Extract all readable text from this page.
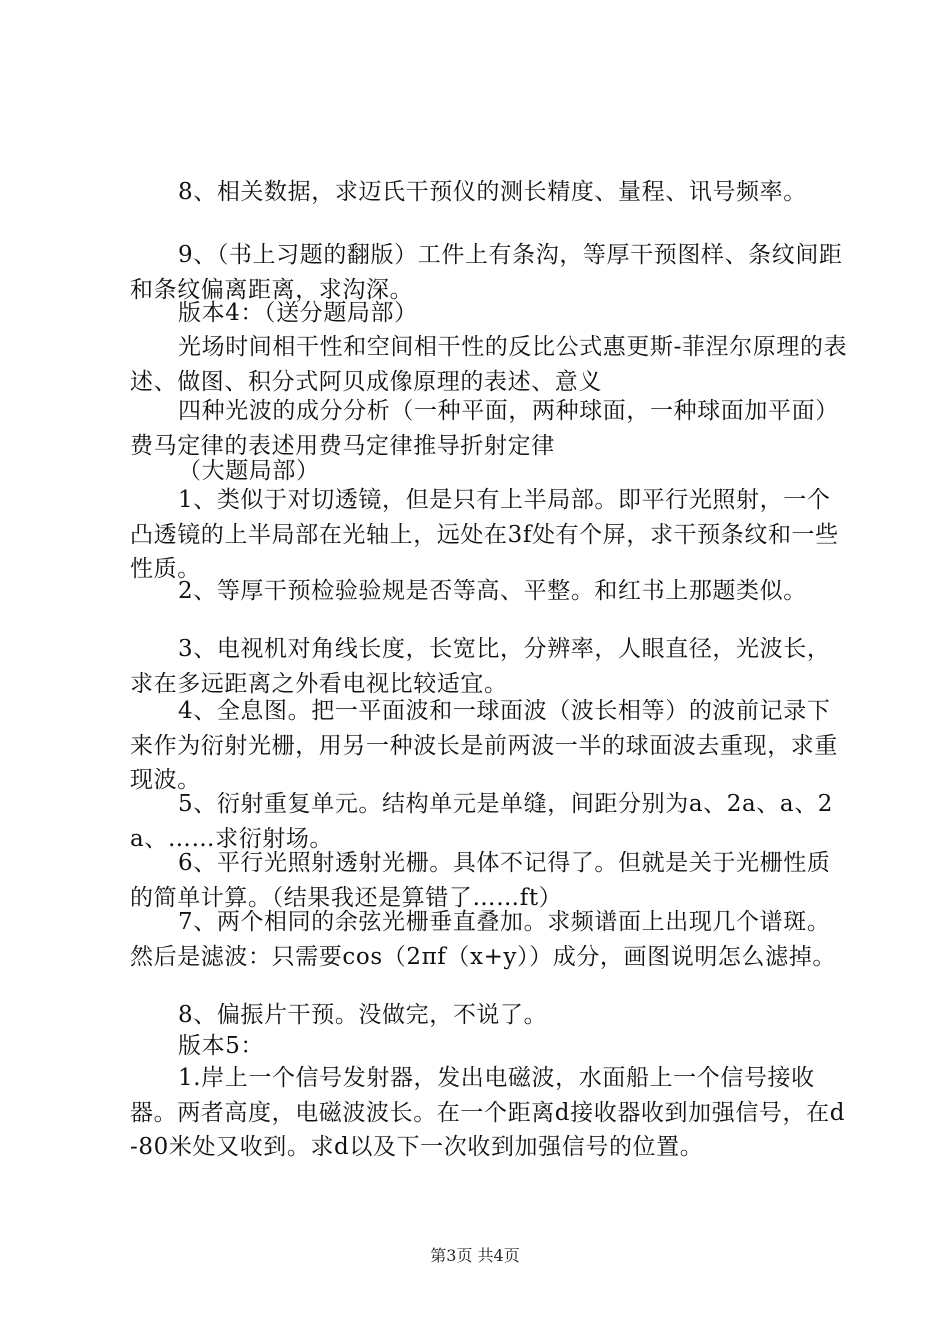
8、相关数据，求迈氏干预仪的测长精度、量程、讯号频率。
9、（书上习题的翻版）工件上有条沟，等厚干预图样、条纹间距和条纹偏离距离，求沟深。
版本4：（送分题局部）
光场时间相干性和空间相干性的反比公式惠更斯-菲涅尔原理的表述、做图、积分式阿贝成像原理的表述、意义
四种光波的成分分析（一种平面，两种球面，一种球面加平面）费马定律的表述用费马定律推导折射定律
（大题局部）
1、类似于对切透镜，但是只有上半局部。即平行光照射，一个凸透镜的上半局部在光轴上，远处在3f处有个屏，求干预条纹和一些性质。
2、等厚干预检验验规是否等高、平整。和红书上那题类似。
3、电视机对角线长度，长宽比，分辨率，人眼直径，光波长，求在多远距离之外看电视比较适宜。
4、全息图。把一平面波和一球面波（波长相等）的波前记录下来作为衍射光栅，用另一种波长是前两波一半的球面波去重现，求重现波。
5、衍射重复单元。结构单元是单缝，间距分别为a、2a、a、2a、……求衍射场。
6、平行光照射透射光栅。具体不记得了。但就是关于光栅性质的简单计算。（结果我还是算错了……ft）
7、两个相同的余弦光栅垂直叠加。求频谱面上出现几个谱斑。然后是滤波：只需要cos（2πf（x+y））成分，画图说明怎么滤掉。
8、偏振片干预。没做完，不说了。
版本5：
1.岸上一个信号发射器，发出电磁波，水面船上一个信号接收器。两者高度，电磁波波长。在一个距离d接收器收到加强信号，在d-80米处又收到。求d以及下一次收到加强信号的位置。
第3页 共4页
